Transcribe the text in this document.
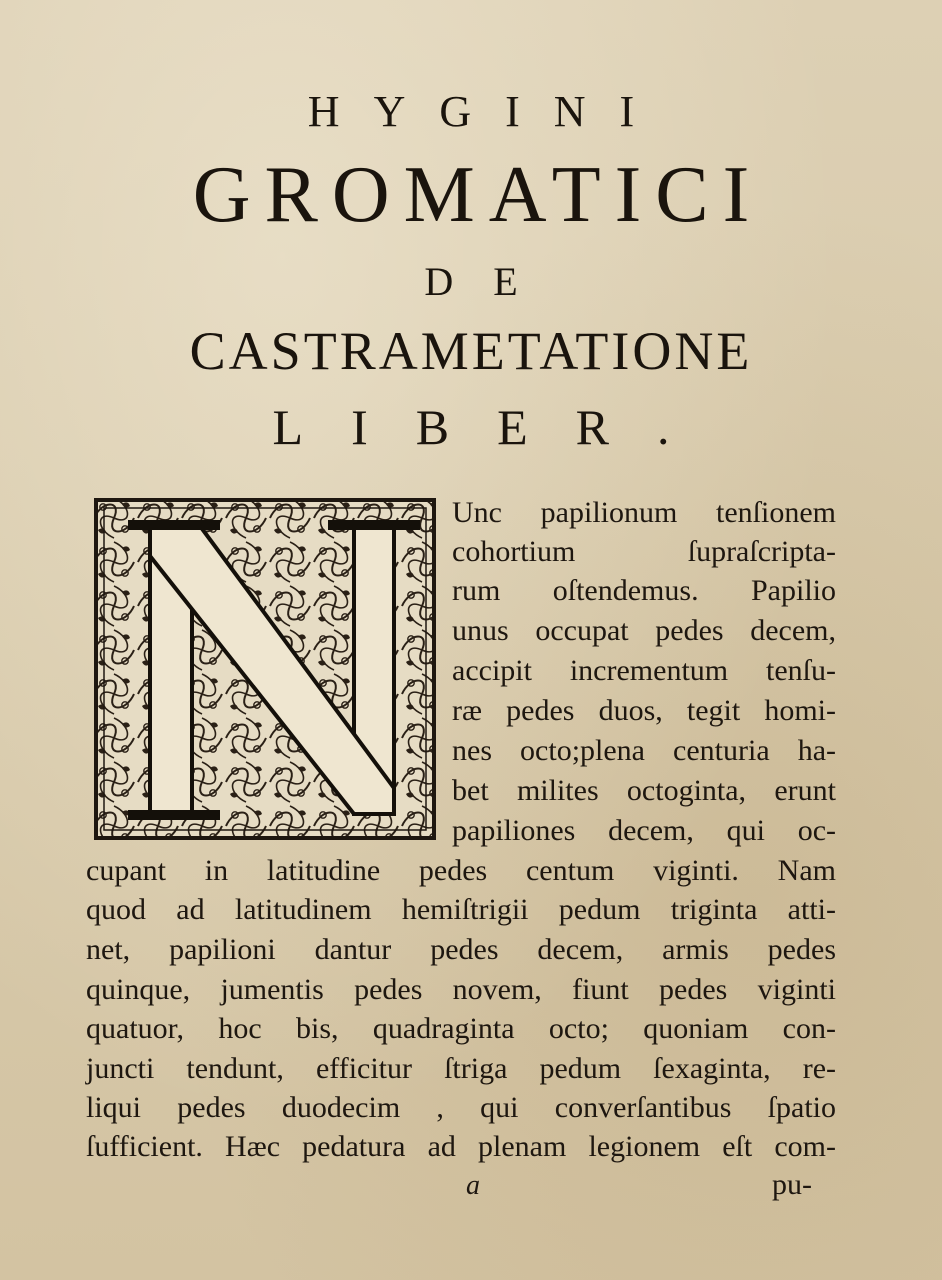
HYGINI
GROMATICI
DE
CASTRAMETATIONE
LIBER.
Unc papilionum tenſionem
cohortium ſupraſcripta-
rum oſtendemus. Papilio
unus occupat pedes decem,
accipit incrementum tenſu-
ræ pedes duos, tegit homi-
nes octo;plena centuria ha-
bet milites octoginta, erunt
papiliones decem, qui oc-
cupant in latitudine pedes centum viginti. Nam
quod ad latitudinem hemiſtrigii pedum triginta atti-
net, papilioni dantur pedes decem, armis pedes
quinque, jumentis pedes novem, fiunt pedes viginti
quatuor, hoc bis, quadraginta octo; quoniam con-
juncti tendunt, efficitur ſtriga pedum ſexaginta, re-
liqui pedes duodecim , qui converſantibus ſpatio
ſufficient. Hæc pedatura ad plenam legionem eſt com-
a	pu-
